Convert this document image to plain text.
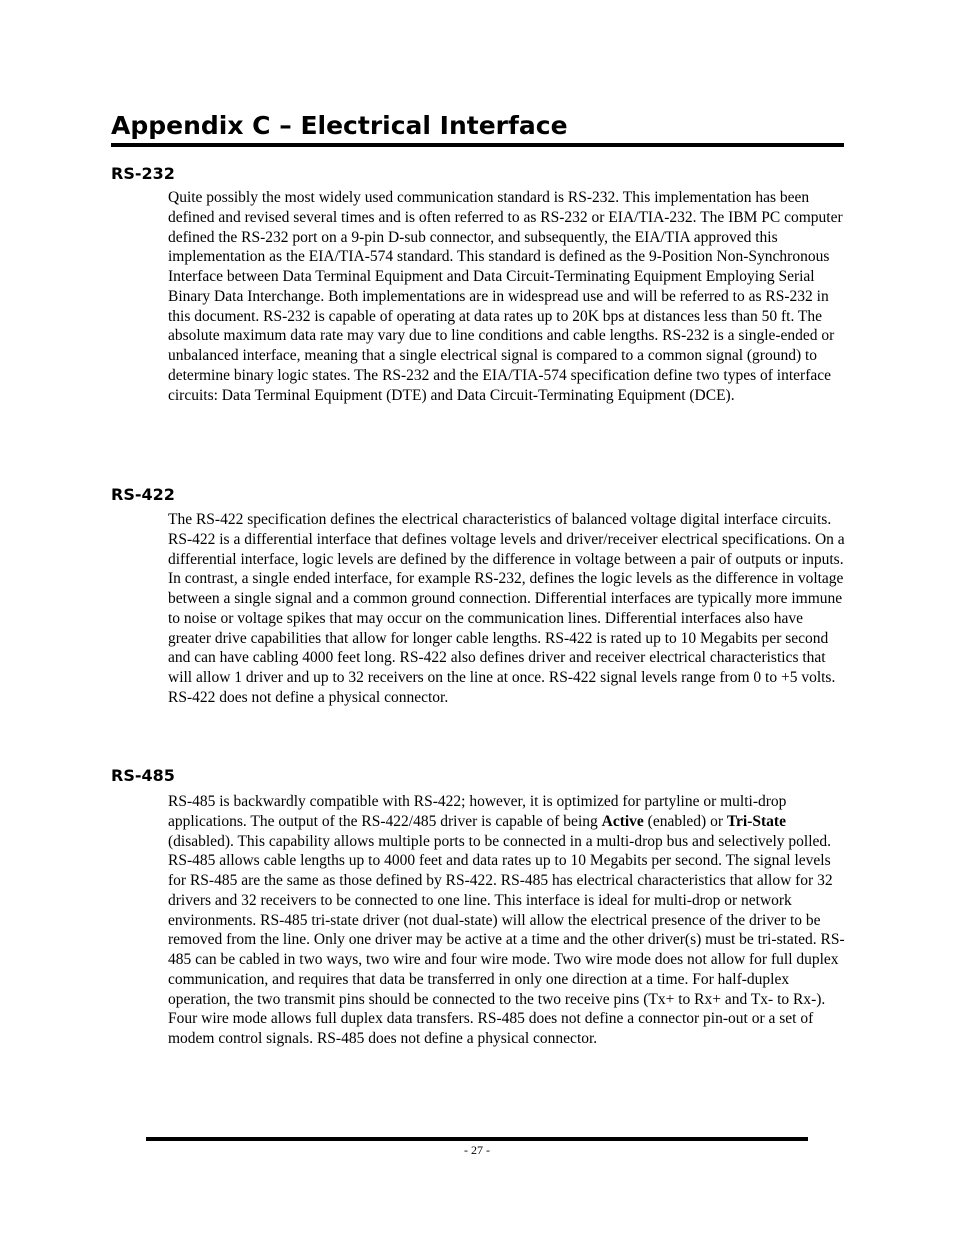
Appendix C – Electrical Interface
RS-232

Quite possibly the most widely used communication standard is RS-232. This implementation has been defined and revised several times and is often referred to as RS-232 or EIA/TIA-232. The IBM PC computer defined the RS-232 port on a 9-pin D-sub connector, and subsequently, the EIA/TIA approved this implementation as the EIA/TIA-574 standard. This standard is defined as the 9-Position Non-Synchronous Interface between Data Terminal Equipment and Data Circuit-Terminating Equipment Employing Serial Binary Data Interchange. Both implementations are in widespread use and will be referred to as RS-232 in this document. RS-232 is capable of operating at data rates up to 20K bps at distances less than 50 ft. The absolute maximum data rate may vary due to line conditions and cable lengths. RS-232 is a single-ended or unbalanced interface, meaning that a single electrical signal is compared to a common signal (ground) to determine binary logic states. The RS-232 and the EIA/TIA-574 specification define two types of interface circuits: Data Terminal Equipment (DTE) and Data Circuit-Terminating Equipment (DCE).

RS-422

The RS-422 specification defines the electrical characteristics of balanced voltage digital interface circuits. RS-422 is a differential interface that defines voltage levels and driver/receiver electrical specifications. On a differential interface, logic levels are defined by the difference in voltage between a pair of outputs or inputs. In contrast, a single ended interface, for example RS-232, defines the logic levels as the difference in voltage between a single signal and a common ground connection. Differential interfaces are typically more immune to noise or voltage spikes that may occur on the communication lines. Differential interfaces also have greater drive capabilities that allow for longer cable lengths. RS-422 is rated up to 10 Megabits per second and can have cabling 4000 feet long. RS-422 also defines driver and receiver electrical characteristics that will allow 1 driver and up to 32 receivers on the line at once. RS-422 signal levels range from 0 to +5 volts. RS-422 does not define a physical connector.

RS-485

RS-485 is backwardly compatible with RS-422; however, it is optimized for partyline or multi-drop applications. The output of the RS-422/485 driver is capable of being Active (enabled) or Tri-State (disabled). This capability allows multiple ports to be connected in a multi-drop bus and selectively polled. RS-485 allows cable lengths up to 4000 feet and data rates up to 10 Megabits per second. The signal levels for RS-485 are the same as those defined by RS-422. RS-485 has electrical characteristics that allow for 32 drivers and 32 receivers to be connected to one line. This interface is ideal for multi-drop or network environments. RS-485 tri-state driver (not dual-state) will allow the electrical presence of the driver to be removed from the line. Only one driver may be active at a time and the other driver(s) must be tri-stated. RS-485 can be cabled in two ways, two wire and four wire mode. Two wire mode does not allow for full duplex communication, and requires that data be transferred in only one direction at a time. For half-duplex operation, the two transmit pins should be connected to the two receive pins (Tx+ to Rx+ and Tx- to Rx-). Four wire mode allows full duplex data transfers. RS-485 does not define a connector pin-out or a set of modem control signals. RS-485 does not define a physical connector.

- 27 -
